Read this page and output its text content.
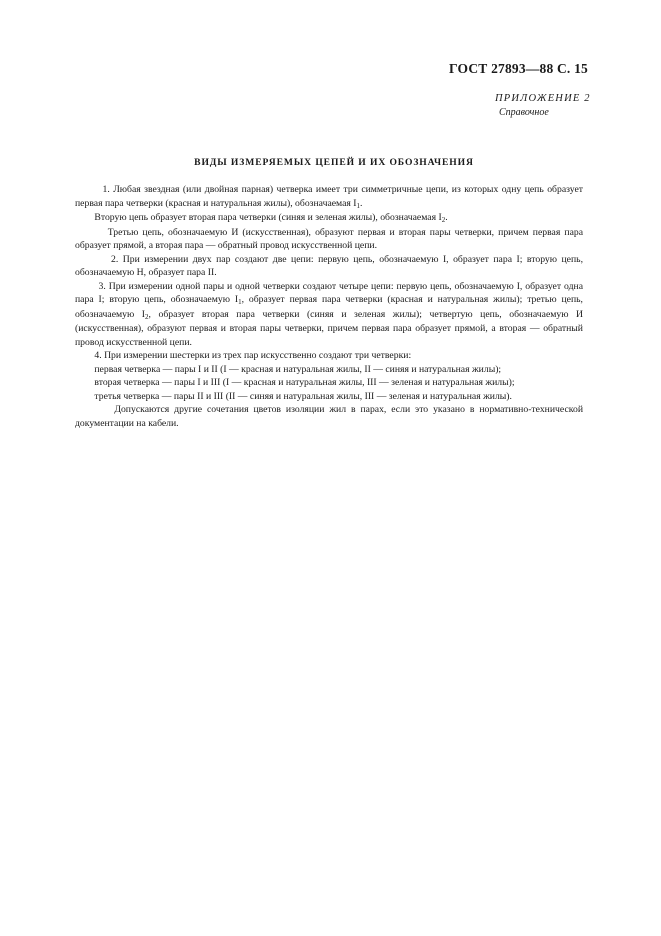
ГОСТ 27893—88 С. 15
ПРИЛОЖЕНИЕ 2
Справочное
ВИДЫ ИЗМЕРЯЕМЫХ ЦЕПЕЙ И ИХ ОБОЗНАЧЕНИЯ

1. Любая звездная (или двойная парная) четверка имеет три симметричные цепи, из которых одну цепь образует первая пара четверки (красная и натуральная жилы), обозначаемая $I_1$.

Вторую цепь образует вторая пара четверки (синяя и зеленая жилы), обозначаемая $I_2$.

Третью цепь, обозначаемую И (искусственная), образуют первая и вторая пары четверки, причем первая пара образует прямой, а вторая пара — обратный провод искусственной цепи.

2. При измерении двух пар создают две цепи: первую цепь, обозначаемую I, образует пара I; вторую цепь, обозначаемую Н, образует пара II.

3. При измерении одной пары и одной четверки создают четыре цепи: первую цепь, обозначаемую I, образует одна пара I; вторую цепь, обозначаемую $I_1$, образует первая пара четверки (красная и натуральная жилы); третью цепь, обозначаемую $I_2$, образует вторая пара четверки (синяя и зеленая жилы); четвертую цепь, обозначаемую И (искусственная), образуют первая и вторая пары четверки, причем первая пара образует прямой, а вторая — обратный провод искусственной цепи.

4. При измерении шестерки из трех пар искусственно создают три четверки:

первая четверка — пары I и II (I — красная и натуральная жилы, II — синяя и натуральная жилы);

вторая четверка — пары I и III (I — красная и натуральная жилы, III — зеленая и натуральная жилы);

третья четверка — пары II и III (II — синяя и натуральная жилы, III — зеленая и натуральная жилы).

Допускаются другие сочетания цветов изоляции жил в парах, если это указано в нормативно-технической документации на кабели.
